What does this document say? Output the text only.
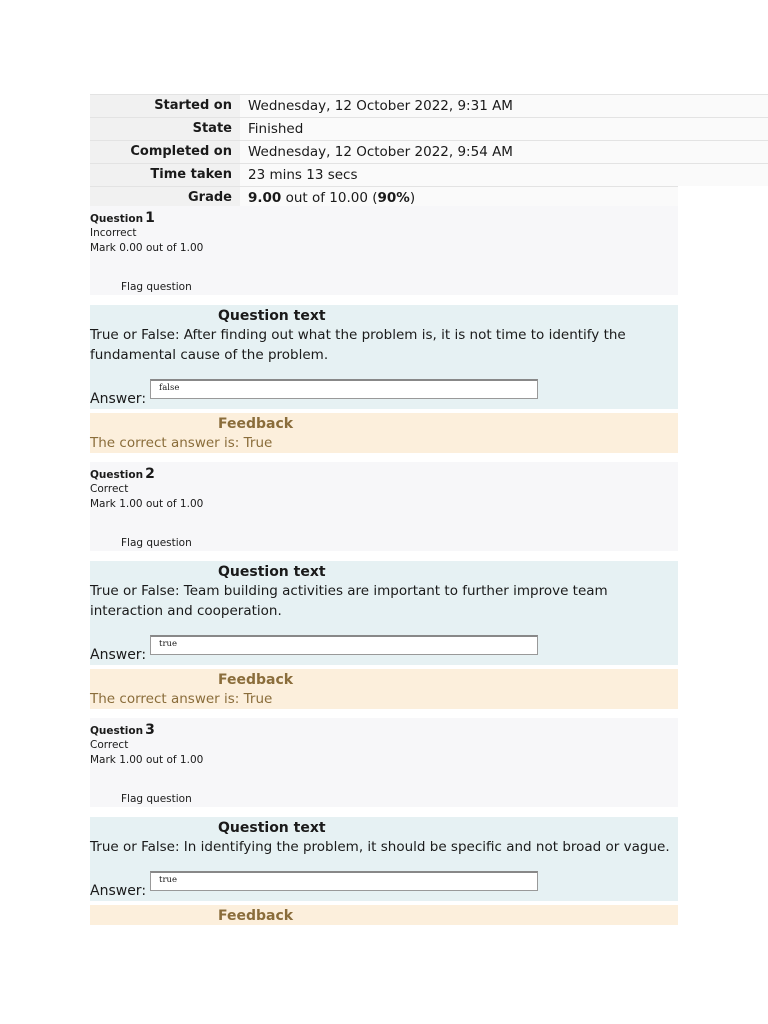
Started on	Wednesday, 12 October 2022, 9:31 AM
State	Finished
Completed on	Wednesday, 12 October 2022, 9:54 AM
Time taken	23 mins 13 secs
Grade	9.00 out of 10.00 (90%)
Question 1
Incorrect
Mark 0.00 out of 1.00
Flag question
Question text
True or False: After finding out what the problem is, it is not time to identify the fundamental cause of the problem.
Answer:
false
Feedback
The correct answer is: True
Question 2
Correct
Mark 1.00 out of 1.00
Flag question
Question text
True or False: Team building activities are important to further improve team interaction and cooperation.
Answer:
true
Feedback
The correct answer is: True
Question 3
Correct
Mark 1.00 out of 1.00
Flag question
Question text
True or False: In identifying the problem, it should be specific and not broad or vague.
Answer:
true
Feedback
